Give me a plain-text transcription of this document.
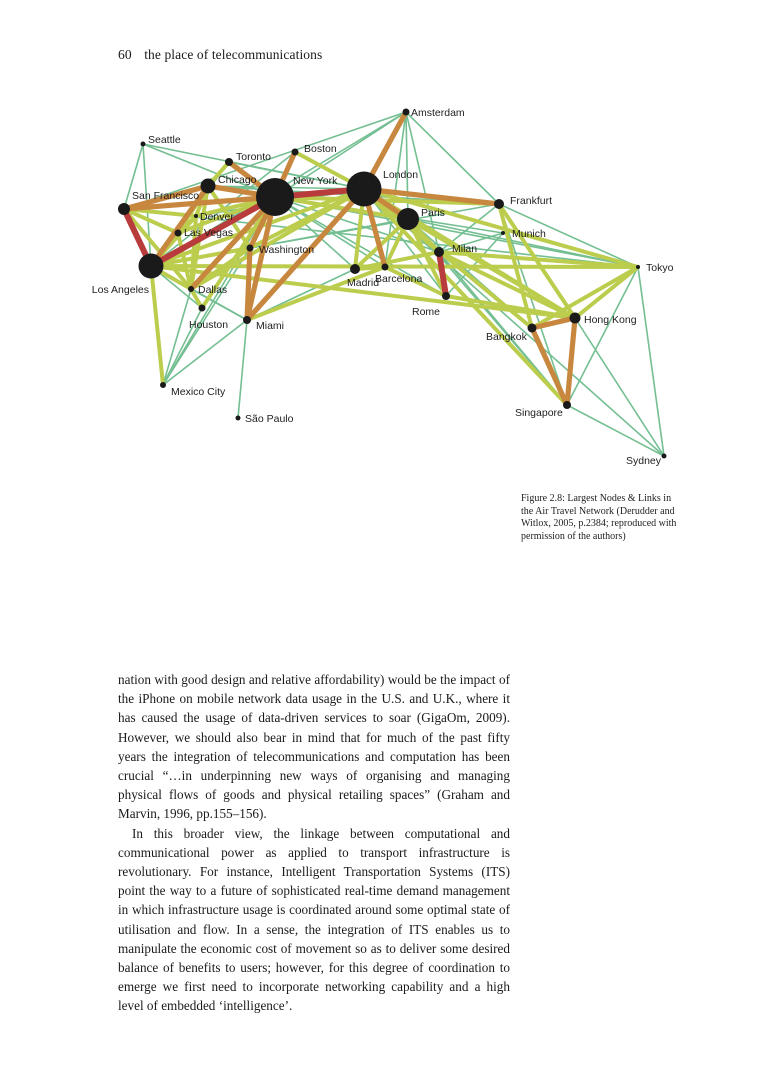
60 the place of telecommunications
Amsterdam
Seattle
Toronto
Boston
Chicago	New York	London
San Francisco	Frankfurt
Paris
Denver
Las Vegas	Munich
Washington	Milan
Tokyo
Los Angeles	Dallas
Madrid
Barcelona
Rome
Houston	Miami	Hong Kong
Bangkok
Mexico City
São Paulo	Singapore
Sydney
Figure 2.8: Largest Nodes & Links in the Air Travel Network (Derudder and Witlox, 2005, p.2384; reproduced with permission of the authors)

nation with good design and relative affordability) would be the impact of the iPhone on mobile network data usage in the U.S. and U.K., where it has caused the usage of data-driven services to soar (GigaOm, 2009). However, we should also bear in mind that for much of the past fifty years the integration of telecommunications and computation has been crucial “…in underpinning new ways of organising and managing physical flows of goods and physical retailing spaces” (Graham and Marvin, 1996, pp.155–156).

In this broader view, the linkage between computational and communicational power as applied to transport infrastructure is revolutionary. For instance, Intelligent Transportation Systems (ITS) point the way to a future of sophisticated real-time demand management in which infrastructure usage is coordinated around some optimal state of utilisation and flow. In a sense, the integration of ITS enables us to manipulate the economic cost of movement so as to deliver some desired balance of benefits to users; however, for this degree of coordination to emerge we first need to incorporate networking capability and a high level of embedded ‘intelligence’.
